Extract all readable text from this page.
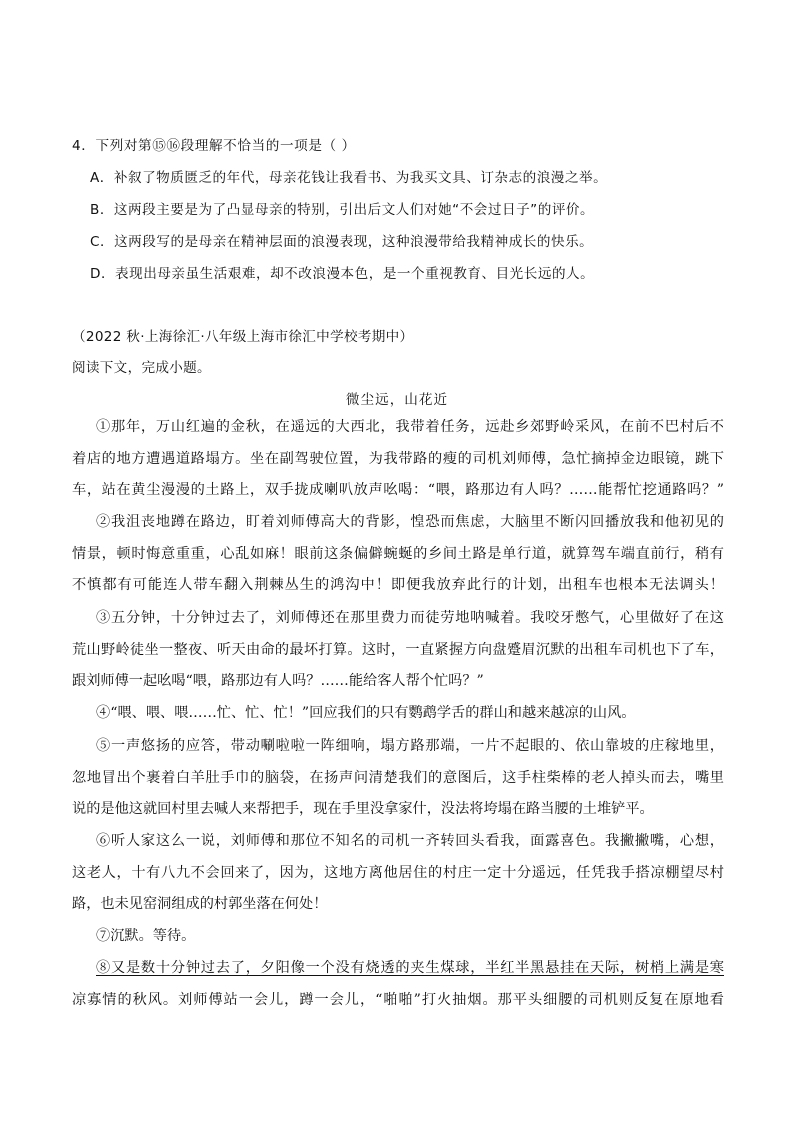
4．下列对第⑮⑯段理解不恰当的一项是（ ）
A．补叙了物质匮乏的年代，母亲花钱让我看书、为我买文具、订杂志的浪漫之举。
B．这两段主要是为了凸显母亲的特别，引出后文人们对她“不会过日子”的评价。
C．这两段写的是母亲在精神层面的浪漫表现，这种浪漫带给我精神成长的快乐。
D．表现出母亲虽生活艰难，却不改浪漫本色，是一个重视教育、目光长远的人。
（2022 秋·上海徐汇·八年级上海市徐汇中学校考期中）
阅读下文，完成小题。
微尘远，山花近
①那年，万山红遍的金秋，在遥远的大西北，我带着任务，远赴乡郊野岭采风，在前不巴村后不
着店的地方遭遇道路塌方。坐在副驾驶位置，为我带路的瘦的司机刘师傅，急忙摘掉金边眼镜，跳下
车，站在黄尘漫漫的土路上，双手拢成喇叭放声吆喝：“喂，路那边有人吗？……能帮忙挖通路吗？”
②我沮丧地蹲在路边，盯着刘师傅高大的背影，惶恐而焦虑，大脑里不断闪回播放我和他初见的
情景，顿时悔意重重，心乱如麻！眼前这条偏僻蜿蜒的乡间土路是单行道，就算驾车端直前行，稍有
不慎都有可能连人带车翻入荆棘丛生的鸿沟中！即便我放弃此行的计划，出租车也根本无法调头！
③五分钟，十分钟过去了，刘师傅还在那里费力而徒劳地呐喊着。我咬牙憋气，心里做好了在这
荒山野岭徒坐一整夜、听天由命的最坏打算。这时，一直紧握方向盘蹙眉沉默的出租车司机也下了车，
跟刘师傅一起吆喝“喂，路那边有人吗？……能给客人帮个忙吗？”
④“喂、喂、喂……忙、忙、忙！”回应我们的只有鹦鹉学舌的群山和越来越凉的山风。
⑤一声悠扬的应答，带动唰啦啦一阵细响，塌方路那端，一片不起眼的、依山靠坡的庄稼地里，
忽地冒出个裹着白羊肚手巾的脑袋，在扬声问清楚我们的意图后，这手柱柴棒的老人掉头而去，嘴里
说的是他这就回村里去喊人来帮把手，现在手里没拿家什，没法将垮塌在路当腰的土堆铲平。
⑥听人家这么一说，刘师傅和那位不知名的司机一齐转回头看我，面露喜色。我撇撇嘴，心想，
这老人，十有八九不会回来了，因为，这地方离他居住的村庄一定十分遥远，任凭我手搭凉棚望尽村
路，也未见窑洞组成的村郭坐落在何处！
⑦沉默。等待。
⑧又是数十分钟过去了，夕阳像一个没有烧透的夹生煤球，半红半黑悬挂在天际，树梢上满是寒
凉寡情的秋风。刘师傅站一会儿，蹲一会儿，“啪啪”打火抽烟。那平头细腰的司机则反复在原地看
